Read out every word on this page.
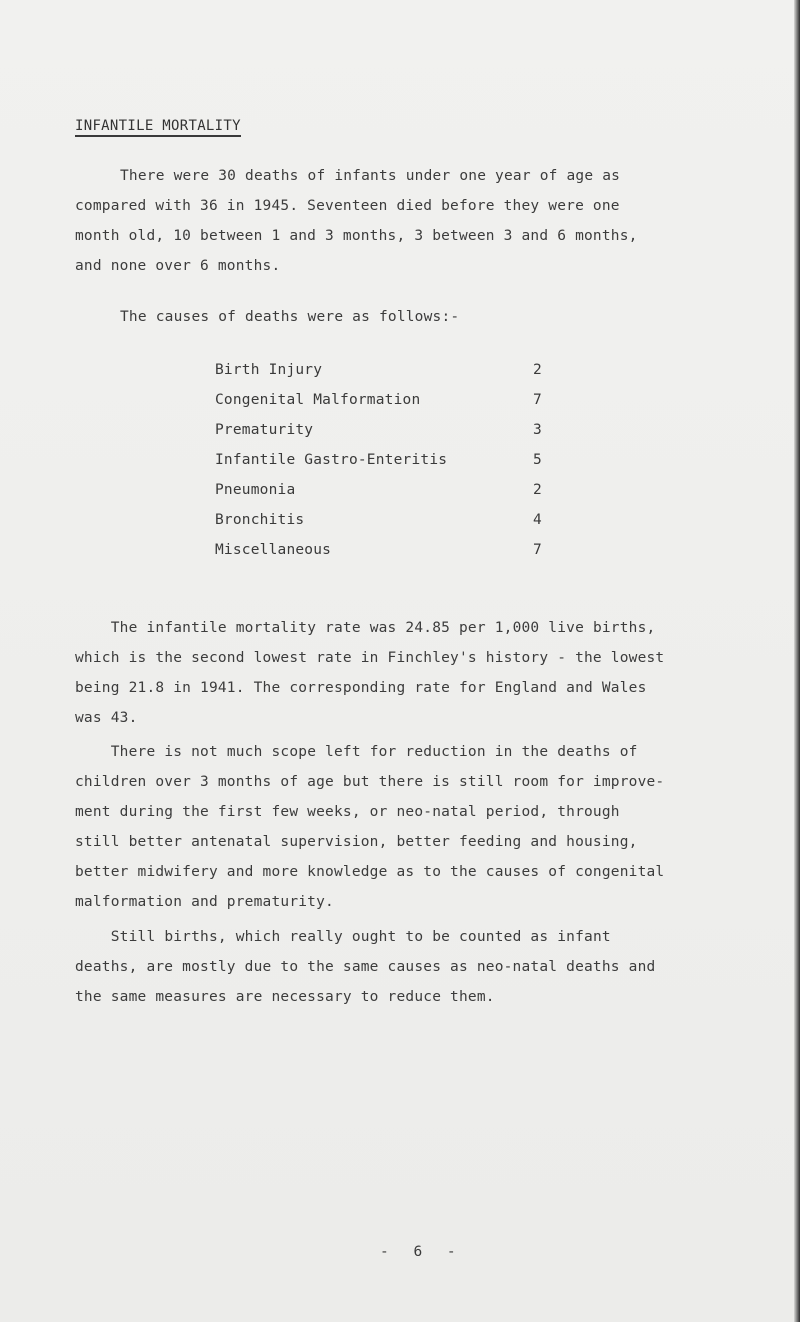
INFANTILE MORTALITY
There were 30 deaths of infants under one year of age as
compared with 36 in 1945. Seventeen died before they were one
month old, 10 between 1 and 3 months, 3 between 3 and 6 months,
and none over 6 months.
The causes of deaths were as follows:-
Birth Injury	2
Congenital Malformation	7
Prematurity	3
Infantile Gastro-Enteritis	5
Pneumonia	2
Bronchitis	4
Miscellaneous	7
The infantile mortality rate was 24.85 per 1,000 live births,
which is the second lowest rate in Finchley's history - the lowest
being 21.8 in 1941. The corresponding rate for England and Wales
was 43.
There is not much scope left for reduction in the deaths of
children over 3 months of age but there is still room for improve-
ment during the first few weeks, or neo-natal period, through
still better antenatal supervision, better feeding and housing,
better midwifery and more knowledge as to the causes of congenital
malformation and prematurity.
Still births, which really ought to be counted as infant
deaths, are mostly due to the same causes as neo-natal deaths and
the same measures are necessary to reduce them.
- 6 -
